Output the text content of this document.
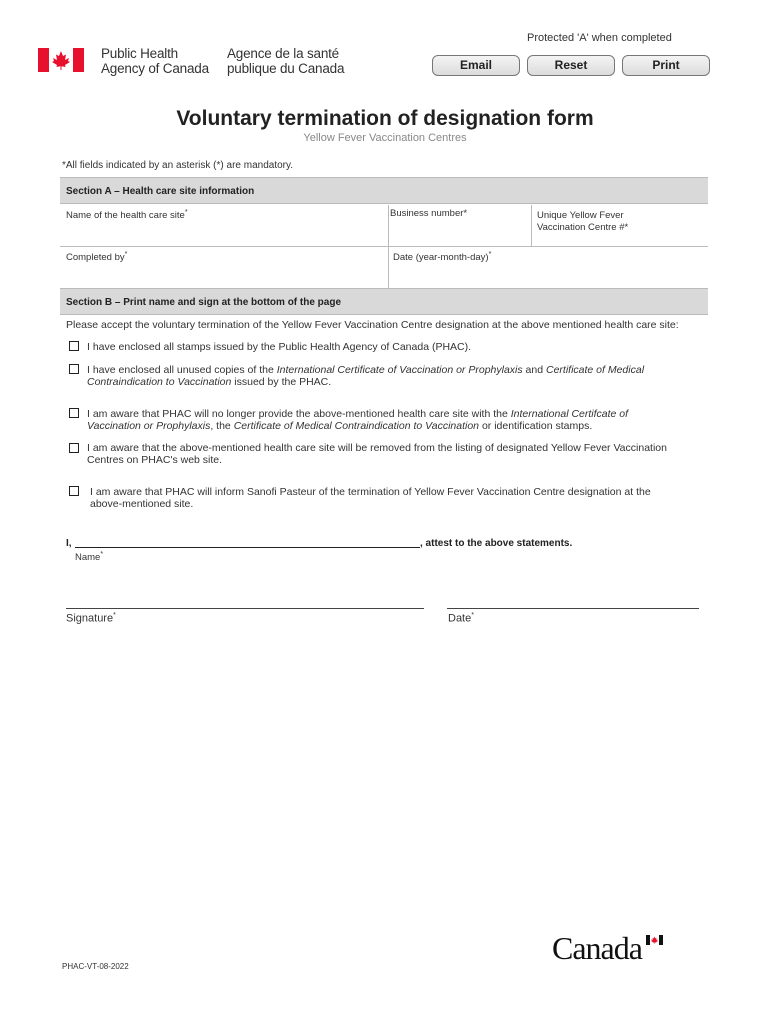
Public Health
Agency of Canada
Agence de la santé
publique du Canada
Protected 'A' when completed
Email	Reset	Print
Voluntary termination of designation form
Yellow Fever Vaccination Centres
*All fields indicated by an asterisk (*) are mandatory.
Section A – Health care site information
Name of the health care site*	Business number*	Unique Yellow Fever
Vaccination Centre #*
Completed by*	Date (year-month-day)*
Section B – Print name and sign at the bottom of the page
Please accept the voluntary termination of the Yellow Fever Vaccination Centre designation at the above mentioned health care site:
I have enclosed all stamps issued by the Public Health Agency of Canada (PHAC).
I have enclosed all unused copies of the International Certificate of Vaccination or Prophylaxis and Certificate of Medical
Contraindication to Vaccination issued by the PHAC.
I am aware that PHAC will no longer provide the above-mentioned health care site with the International Certifcate of
Vaccination or Prophylaxis, the Certificate of Medical Contraindication to Vaccination or identification stamps.
I am aware that the above-mentioned health care site will be removed from the listing of designated Yellow Fever Vaccination
Centres on PHAC's web site.
I am aware that PHAC will inform Sanofi Pasteur of the termination of Yellow Fever Vaccination Centre designation at the
above-mentioned site.
I,	, attest to the above statements.
Name*
Signature*	Date*
PHAC-VT-08-2022
Canada
